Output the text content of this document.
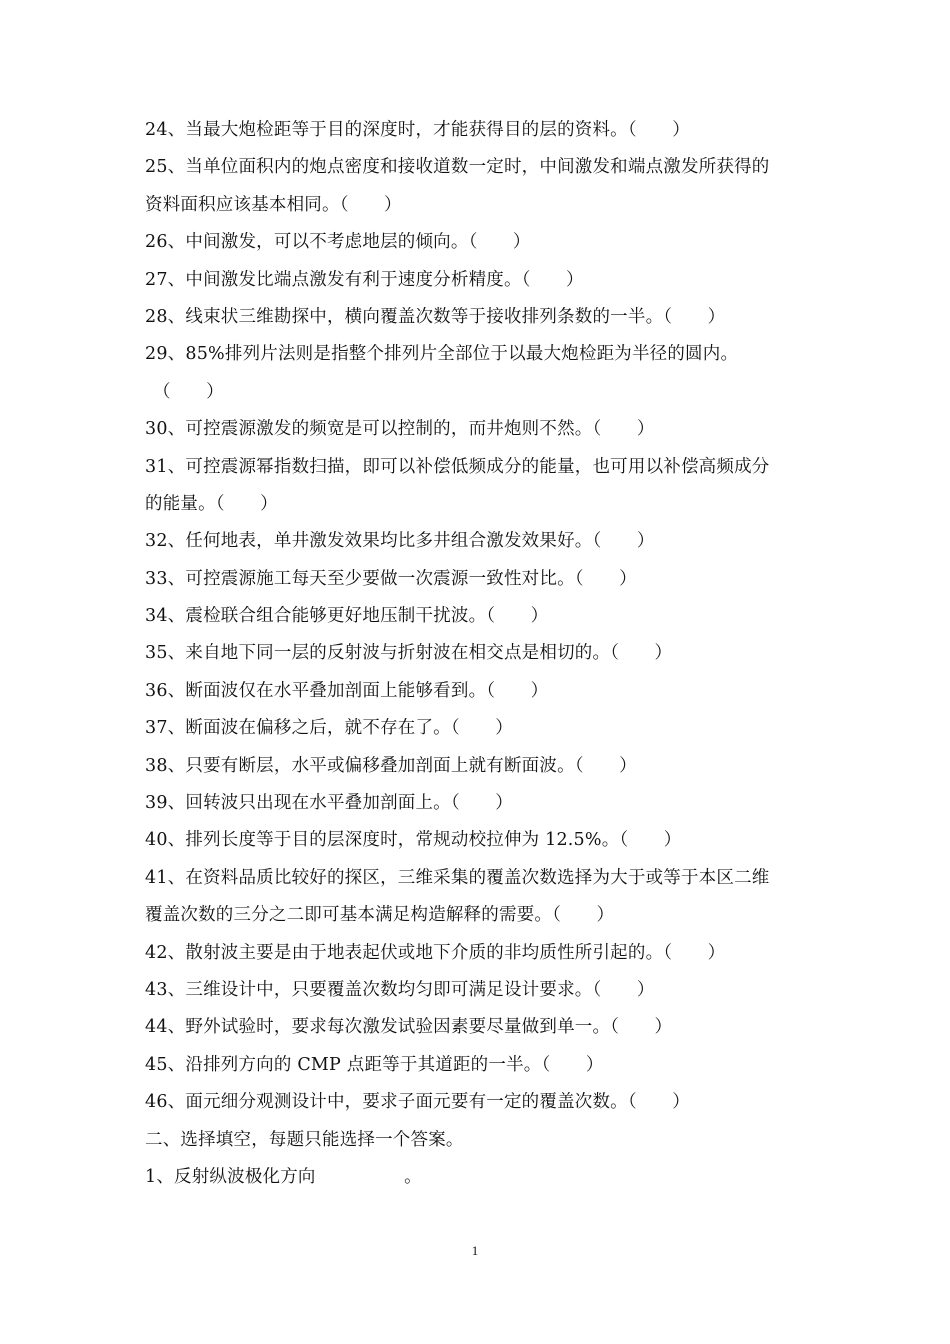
24、当最大炮检距等于目的深度时，才能获得目的层的资料。（　　）
25、当单位面积内的炮点密度和接收道数一定时，中间激发和端点激发所获得的
资料面积应该基本相同。（　　）
26、中间激发，可以不考虑地层的倾向。（　　）
27、中间激发比端点激发有利于速度分析精度。（　　）
28、线束状三维勘探中，横向覆盖次数等于接收排列条数的一半。（　　）
29、85%排列片法则是指整个排列片全部位于以最大炮检距为半径的圆内。
（　　）
30、可控震源激发的频宽是可以控制的，而井炮则不然。（　　）
31、可控震源幂指数扫描，即可以补偿低频成分的能量，也可用以补偿高频成分
的能量。（　　）
32、任何地表，单井激发效果均比多井组合激发效果好。（　　）
33、可控震源施工每天至少要做一次震源一致性对比。（　　）
34、震检联合组合能够更好地压制干扰波。（　　）
35、来自地下同一层的反射波与折射波在相交点是相切的。（　　）
36、断面波仅在水平叠加剖面上能够看到。（　　）
37、断面波在偏移之后，就不存在了。（　　）
38、只要有断层，水平或偏移叠加剖面上就有断面波。（　　）
39、回转波只出现在水平叠加剖面上。（　　）
40、排列长度等于目的层深度时，常规动校拉伸为 12.5%。（　　）
41、在资料品质比较好的探区，三维采集的覆盖次数选择为大于或等于本区二维
覆盖次数的三分之二即可基本满足构造解释的需要。（　　）
42、散射波主要是由于地表起伏或地下介质的非均质性所引起的。（　　）
43、三维设计中，只要覆盖次数均匀即可满足设计要求。（　　）
44、野外试验时，要求每次激发试验因素要尽量做到单一。（　　）
45、沿排列方向的 CMP 点距等于其道距的一半。（　　）
46、面元细分观测设计中，要求子面元要有一定的覆盖次数。（　　）
二、选择填空，每题只能选择一个答案。
1、反射纵波极化方向　　　　　。
1
